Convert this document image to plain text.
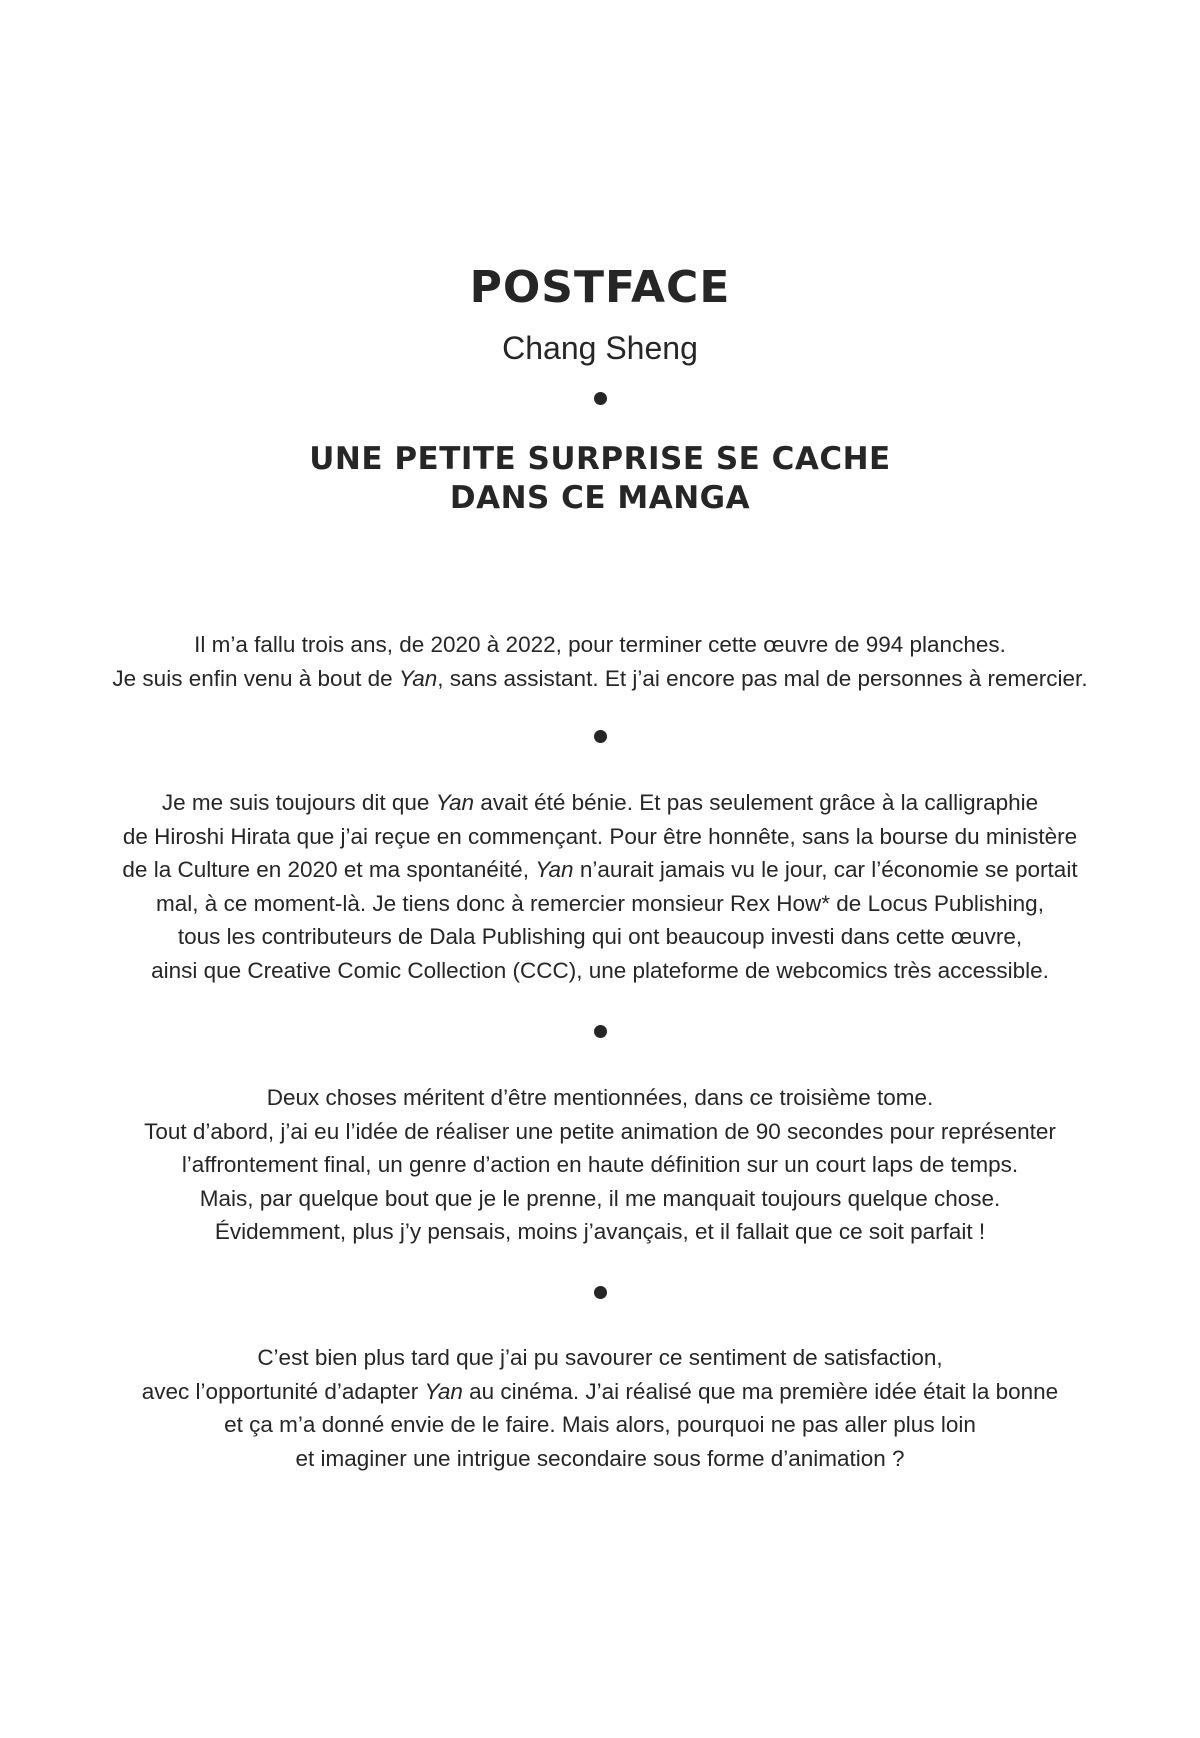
POSTFACE

Chang Sheng

UNE PETITE SURPRISE SE CACHE
DANS CE MANGA

Il m’a fallu trois ans, de 2020 à 2022, pour terminer cette œuvre de 994 planches.
Je suis enfin venu à bout de Yan, sans assistant. Et j’ai encore pas mal de personnes à remercier.

Je me suis toujours dit que Yan avait été bénie. Et pas seulement grâce à la calligraphie
de Hiroshi Hirata que j’ai reçue en commençant. Pour être honnête, sans la bourse du ministère
de la Culture en 2020 et ma spontanéité, Yan n’aurait jamais vu le jour, car l’économie se portait
mal, à ce moment-là. Je tiens donc à remercier monsieur Rex How* de Locus Publishing,
tous les contributeurs de Dala Publishing qui ont beaucoup investi dans cette œuvre,
ainsi que Creative Comic Collection (CCC), une plateforme de webcomics très accessible.

Deux choses méritent d’être mentionnées, dans ce troisième tome.
Tout d’abord, j’ai eu l’idée de réaliser une petite animation de 90 secondes pour représenter
l’affrontement final, un genre d’action en haute définition sur un court laps de temps.
Mais, par quelque bout que je le prenne, il me manquait toujours quelque chose.
Évidemment, plus j’y pensais, moins j’avançais, et il fallait que ce soit parfait !

C’est bien plus tard que j’ai pu savourer ce sentiment de satisfaction,
avec l’opportunité d’adapter Yan au cinéma. J’ai réalisé que ma première idée était la bonne
et ça m’a donné envie de le faire. Mais alors, pourquoi ne pas aller plus loin
et imaginer une intrigue secondaire sous forme d’animation ?
